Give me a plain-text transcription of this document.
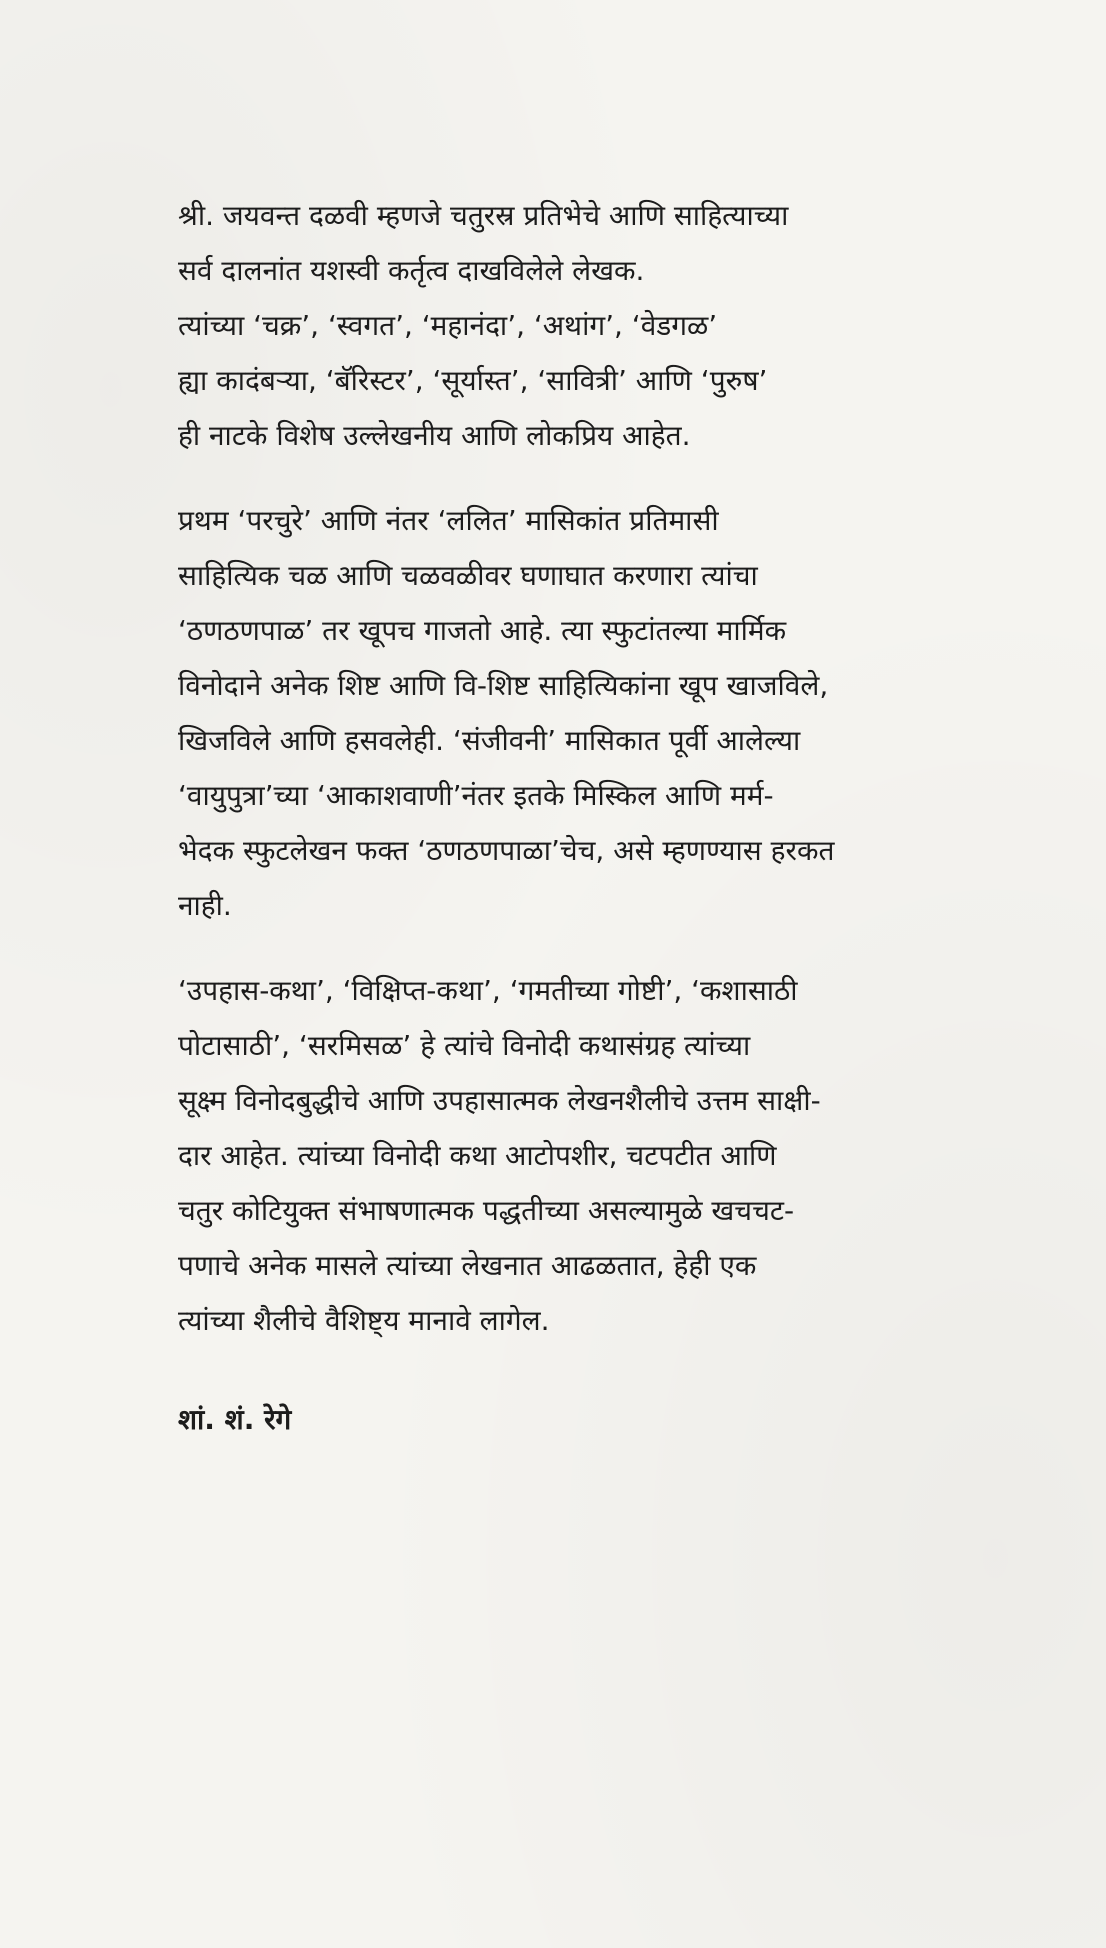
श्री. जयवन्त दळवी म्हणजे चतुरस्र प्रतिभेचे आणि साहित्याच्या
सर्व दालनांत यशस्वी कर्तृत्व दाखविलेले लेखक.
त्यांच्या ‘चक्र’, ‘स्वगत’, ‘महानंदा’, ‘अथांग’, ‘वेडगळ’
ह्या कादंबऱ्या, ‘बॅरिस्टर’, ‘सूर्यास्त’, ‘सावित्री’ आणि ‘पुरुष’
ही नाटके विशेष उल्लेखनीय आणि लोकप्रिय आहेत.

प्रथम ‘परचुरे’ आणि नंतर ‘ललित’ मासिकांत प्रतिमासी
साहित्यिक चळ आणि चळवळीवर घणाघात करणारा त्यांचा
‘ठणठणपाळ’ तर खूपच गाजतो आहे. त्या स्फुटांतल्या मार्मिक
विनोदाने अनेक शिष्ट आणि वि-शिष्ट साहित्यिकांना खूप खाजविले,
खिजविले आणि हसवलेही. ‘संजीवनी’ मासिकात पूर्वी आलेल्या
‘वायुपुत्रा’च्या ‘आकाशवाणी’नंतर इतके मिस्किल आणि मर्म-
भेदक स्फुटलेखन फक्त ‘ठणठणपाळा’चेच, असे म्हणण्यास हरकत
नाही.

‘उपहास-कथा’, ‘विक्षिप्त-कथा’, ‘गमतीच्या गोष्टी’, ‘कशासाठी
पोटासाठी’, ‘सरमिसळ’ हे त्यांचे विनोदी कथासंग्रह त्यांच्या
सूक्ष्म विनोदबुद्धीचे आणि उपहासात्मक लेखनशैलीचे उत्तम साक्षी-
दार आहेत. त्यांच्या विनोदी कथा आटोपशीर, चटपटीत आणि
चतुर कोटियुक्त संभाषणात्मक पद्धतीच्या असल्यामुळे खचचट-
पणाचे अनेक मासले त्यांच्या लेखनात आढळतात, हेही एक
त्यांच्या शैलीचे वैशिष्ट्य मानावे लागेल.

शां. शं. रेगे
